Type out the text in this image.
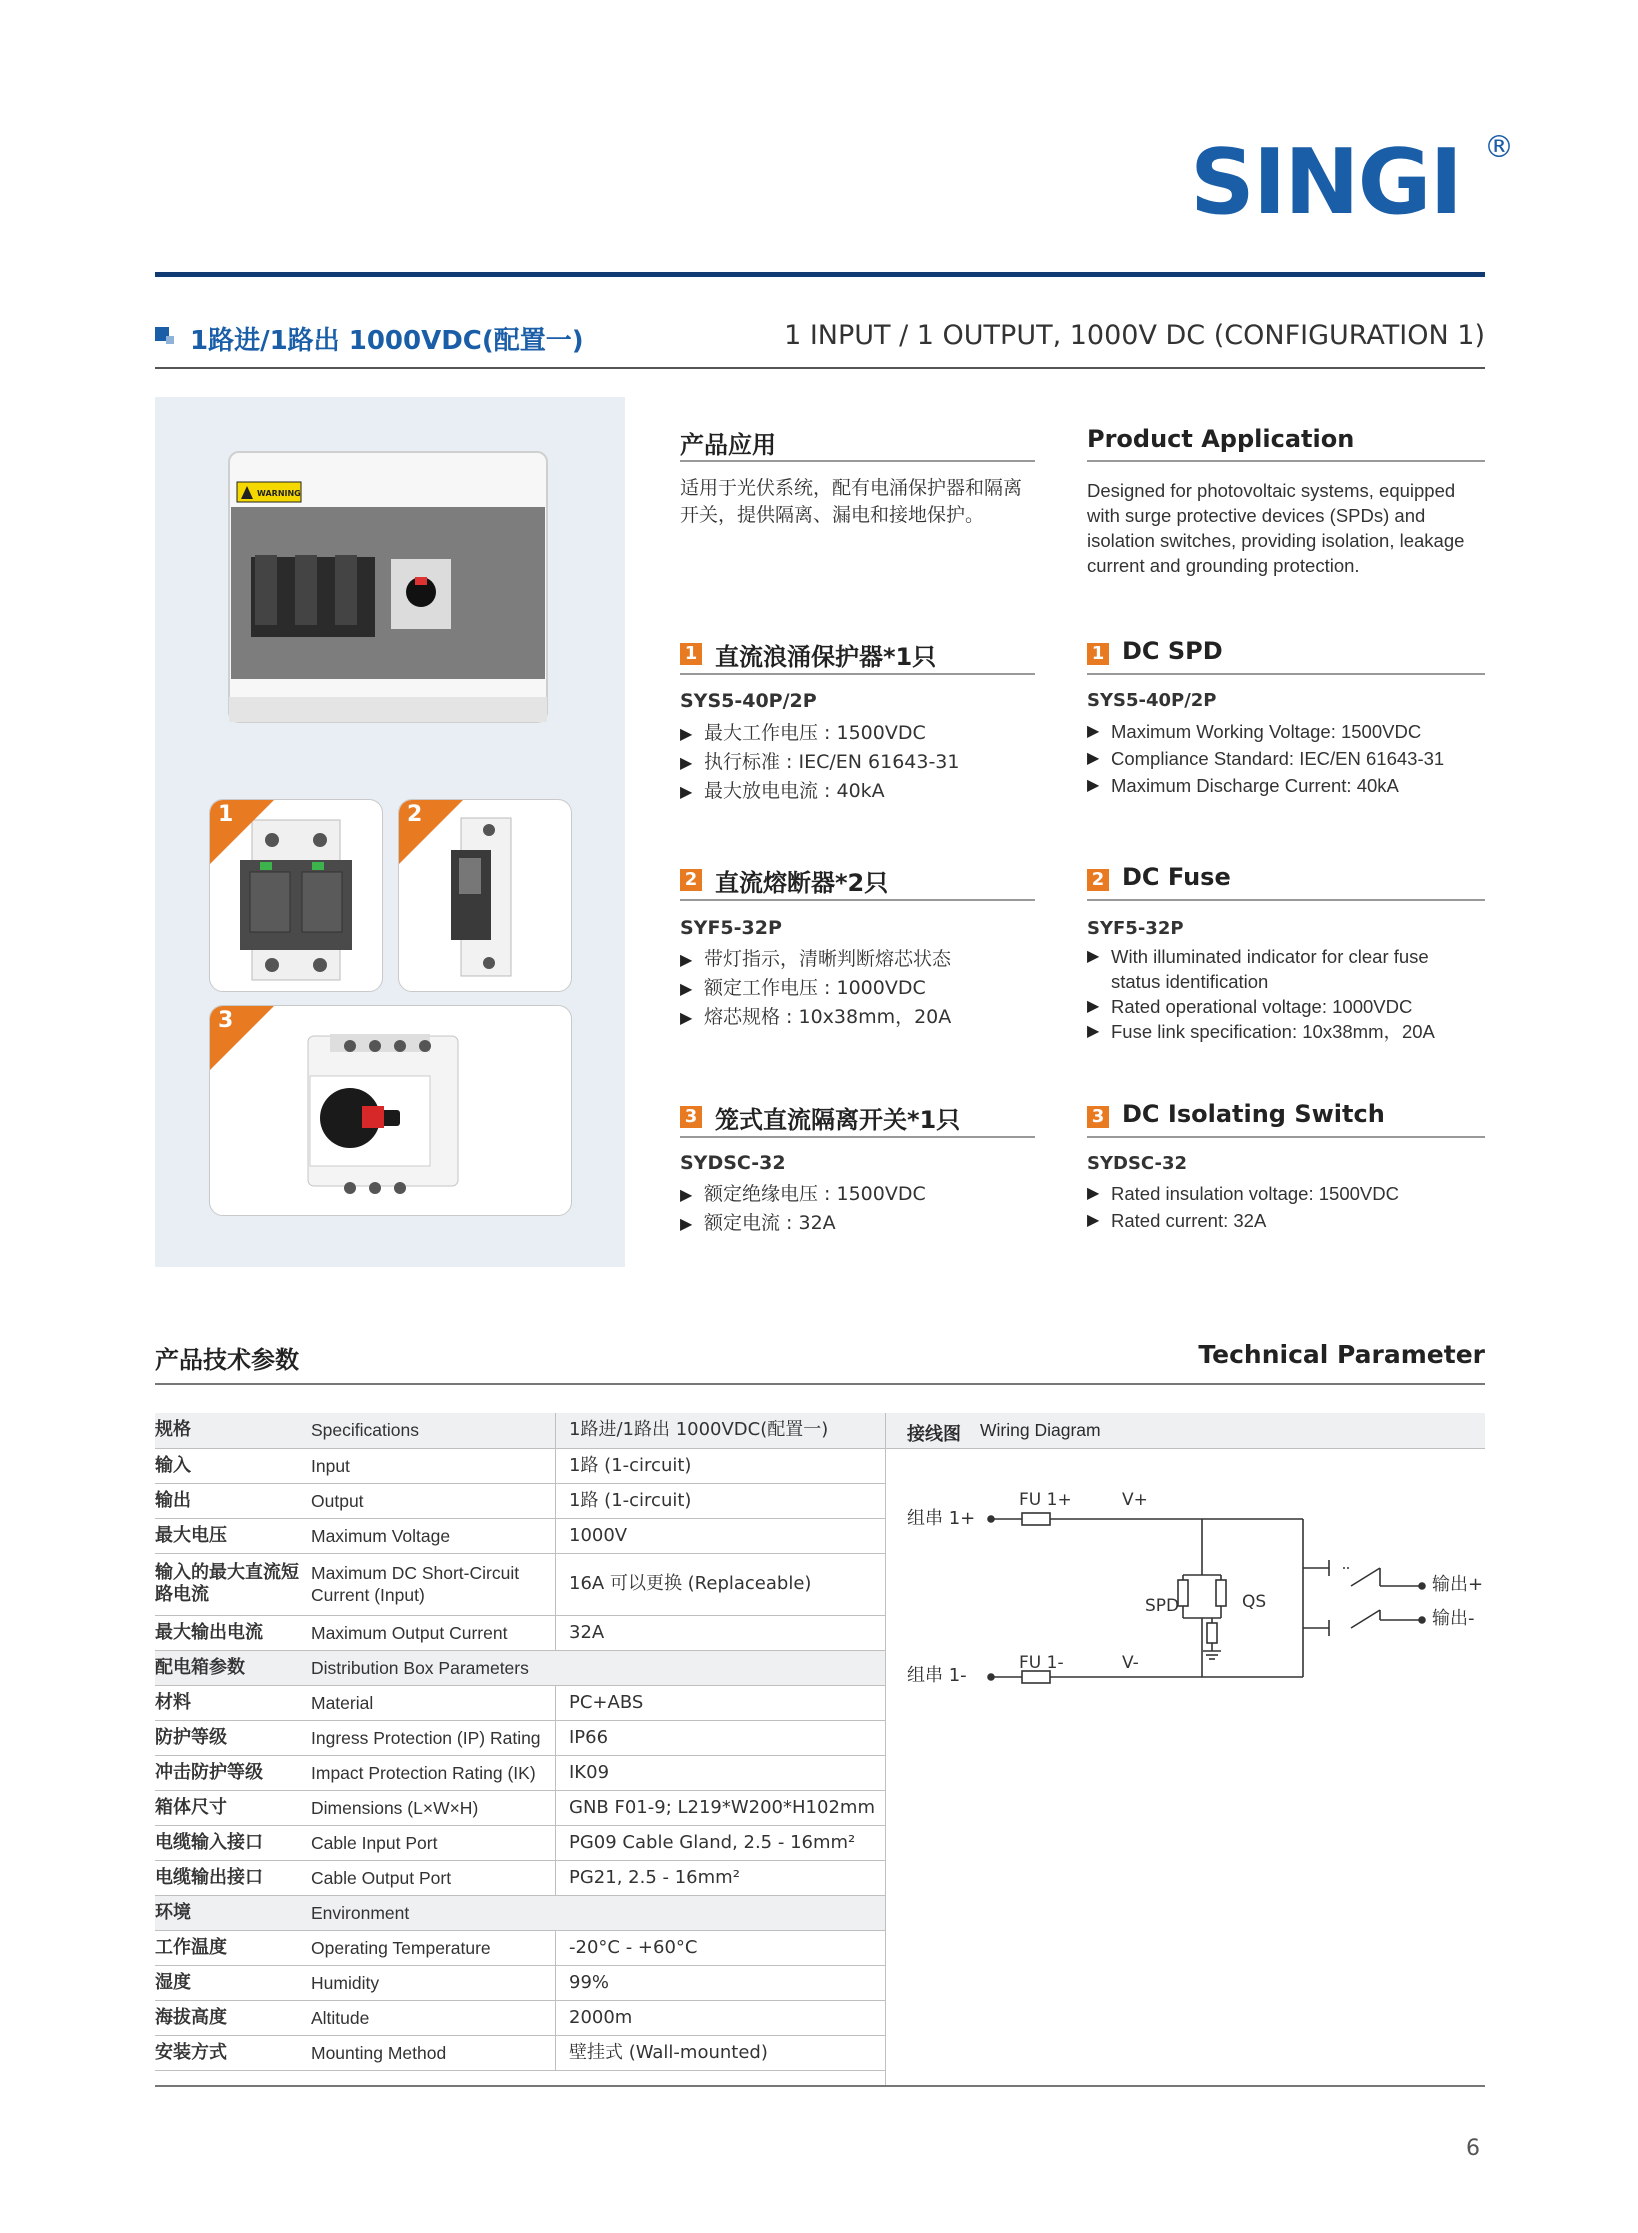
SINGI ®
1路进/1路出 1000VDC(配置一)	1 INPUT / 1 OUTPUT, 1000V DC (CONFIGURATION 1)
WARNING
1	2
3
产品应用
适用于光伏系统，配有电涌保护器和隔离
开关，提供隔离、漏电和接地保护。
Product Application
Designed for photovoltaic systems, equipped
with surge protective devices (SPDs) and
isolation switches, providing isolation, leakage
current and grounding protection.
1 直流浪涌保护器*1只
SYS5-40P/2P
▶ 最大工作电压 : 1500VDC
▶ 执行标准 : IEC/EN 61643-31
▶ 最大放电电流 : 40kA
1 DC SPD
SYS5-40P/2P
▶ Maximum Working Voltage: 1500VDC
▶ Compliance Standard: IEC/EN 61643-31
▶ Maximum Discharge Current: 40kA
2 直流熔断器*2只
SYF5-32P
▶ 带灯指示，清晰判断熔芯状态
▶ 额定工作电压 : 1000VDC
▶ 熔芯规格 : 10x38mm，20A
2 DC Fuse
SYF5-32P
▶ With illuminated indicator for clear fuse status identification
▶ Rated operational voltage: 1000VDC
▶ Fuse link specification: 10x38mm，20A
3 笼式直流隔离开关*1只
SYDSC-32
▶ 额定绝缘电压 : 1500VDC
▶ 额定电流 : 32A
3 DC Isolating Switch
SYDSC-32
▶ Rated insulation voltage: 1500VDC
▶ Rated current: 32A
产品技术参数	Technical Parameter
规格	Specifications	1路进/1路出 1000VDC(配置一)
输入	Input	1路 (1-circuit)
输出	Output	1路 (1-circuit)
最大电压	Maximum Voltage	1000V
输入的最大直流短路电流	Maximum DC Short-Circuit Current (Input)	16A 可以更换 (Replaceable)
最大输出电流	Maximum Output Current	32A
配电箱参数	Distribution Box Parameters	
材料	Material	PC+ABS
防护等级	Ingress Protection (IP) Rating	IP66
冲击防护等级	Impact Protection Rating (IK)	IK09
箱体尺寸	Dimensions (L×W×H)	GNB F01-9; L219*W200*H102mm
电缆输入接口	Cable Input Port	PG09 Cable Gland, 2.5 - 16mm²
电缆输出接口	Cable Output Port	PG21, 2.5 - 16mm²
环境	Environment	
工作温度	Operating Temperature	-20°C - +60°C
湿度	Humidity	99%
海拔高度	Altitude	2000m
安装方式	Mounting Method	壁挂式 (Wall-mounted)
接线图 Wiring Diagram
组串 1+
组串 1-
FU 1+
FU 1-
V+
V-
SPD	QS
输出+
输出-
6
